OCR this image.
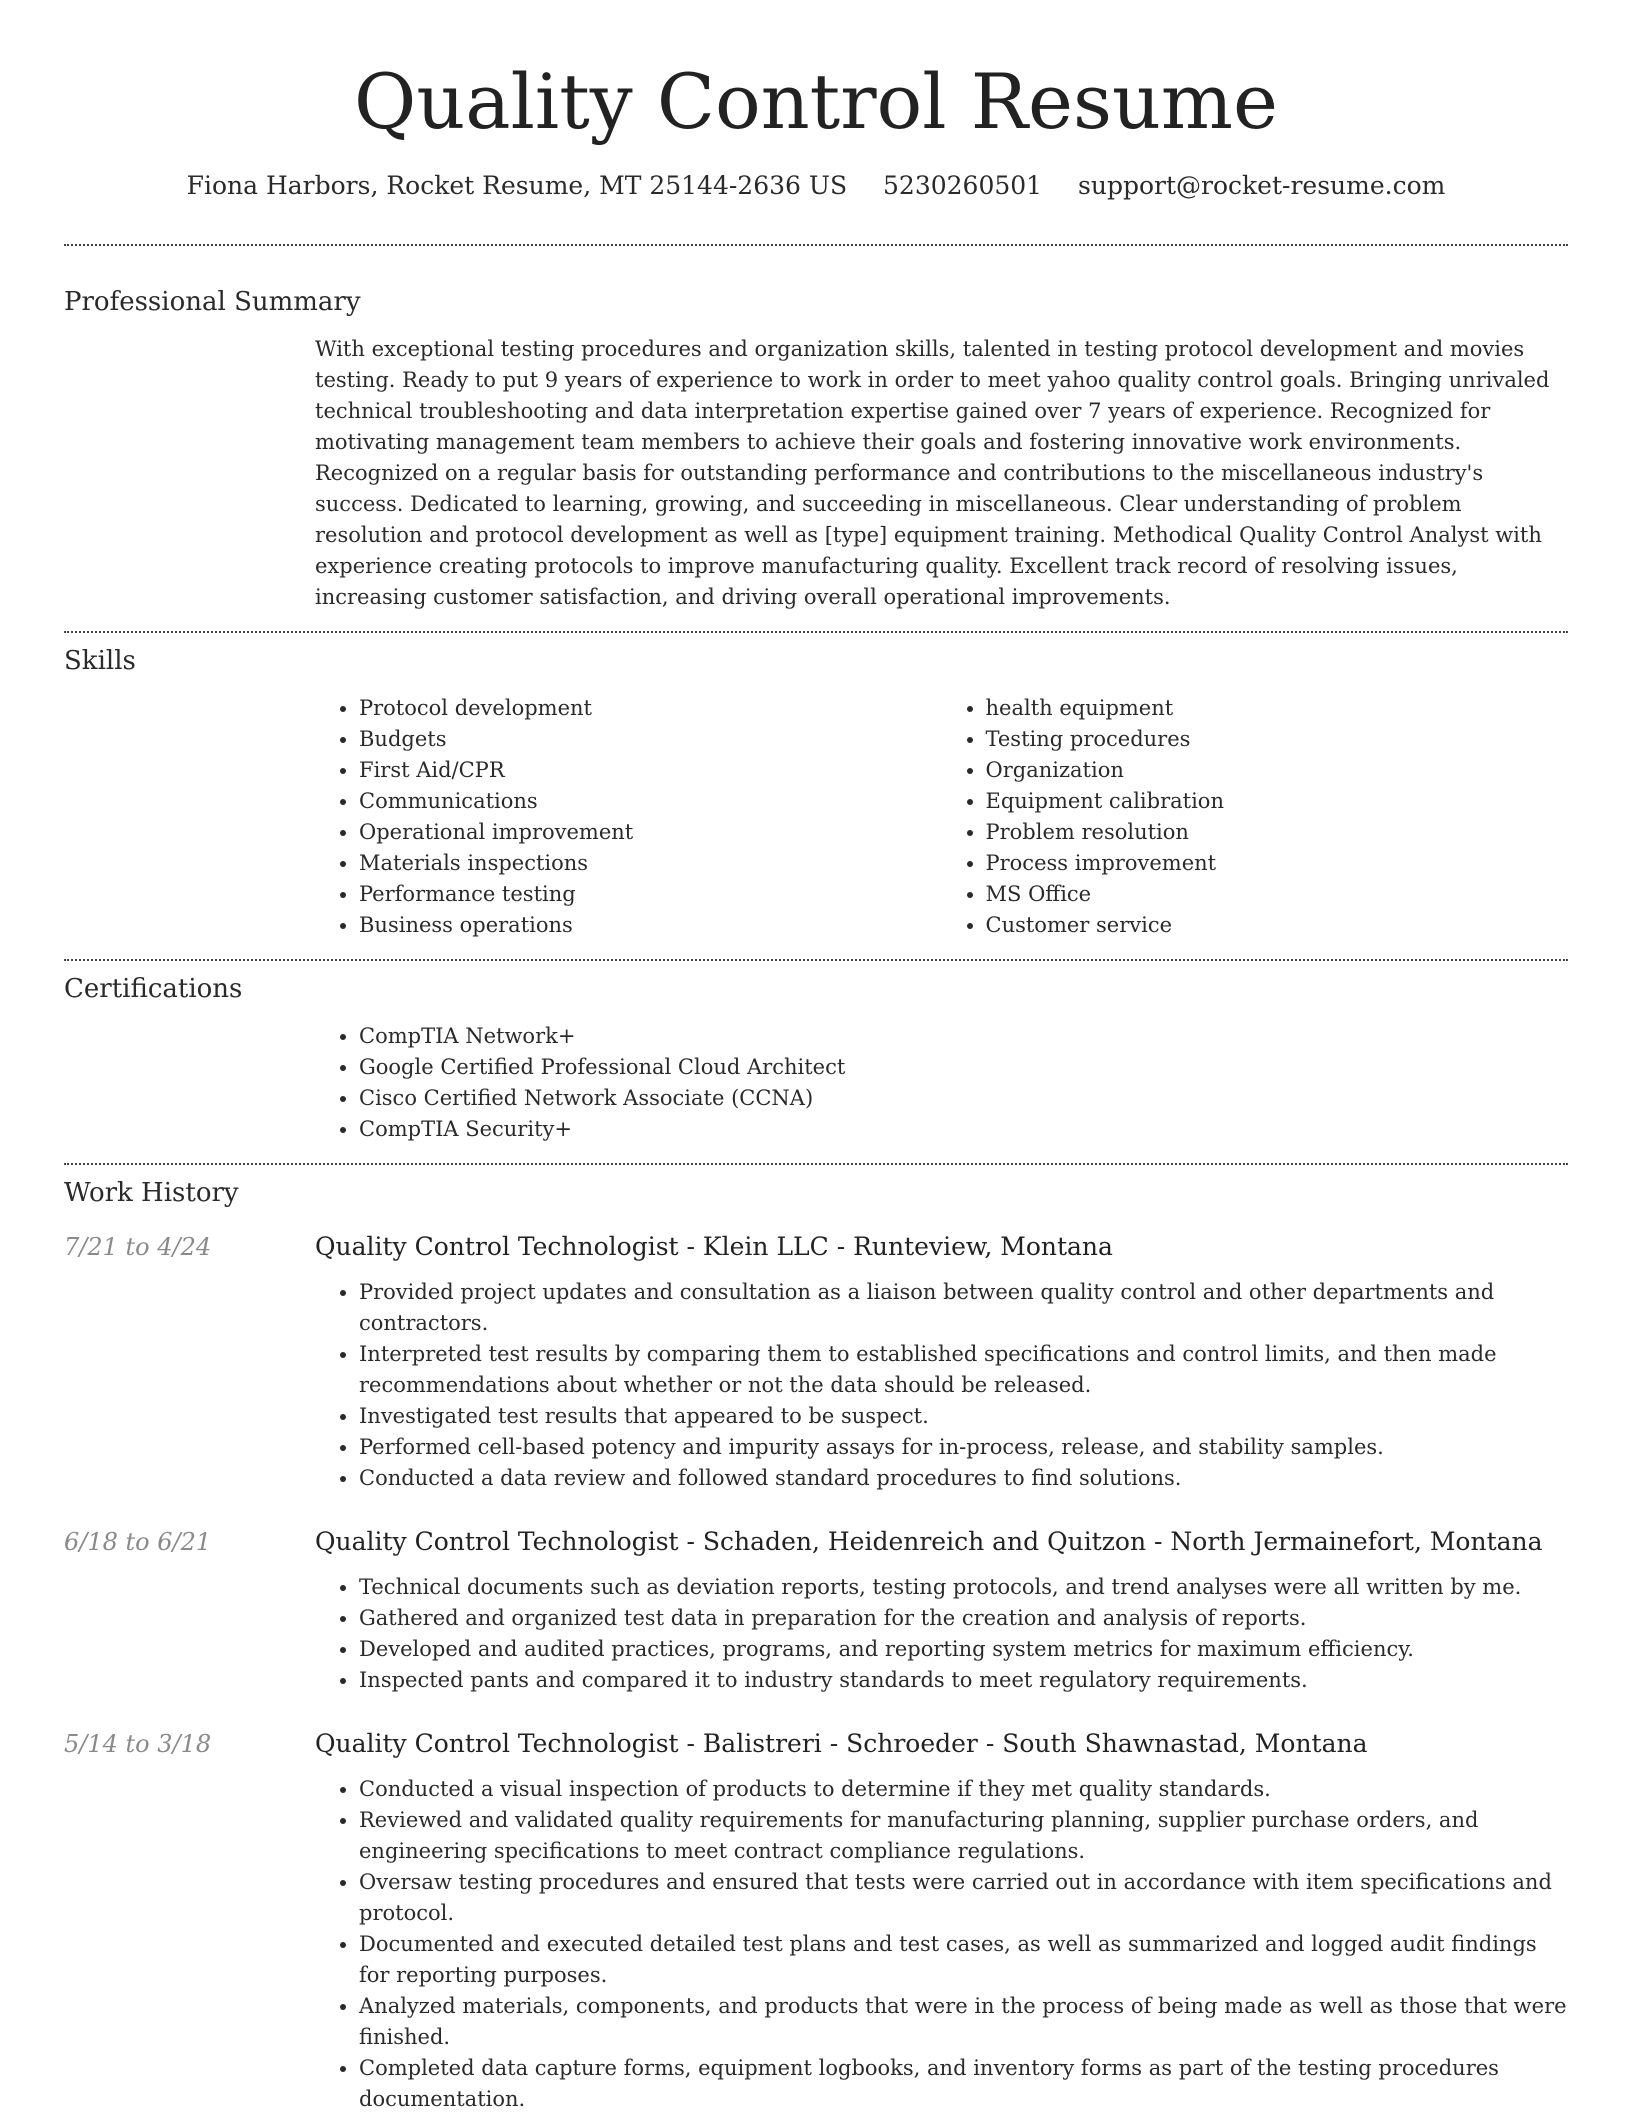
Quality Control Resume
Fiona Harbors, Rocket Resume, MT 25144-2636 US 5230260501 support@rocket-resume.com
Professional Summary
With exceptional testing procedures and organization skills, talented in testing protocol development and movies testing. Ready to put 9 years of experience to work in order to meet yahoo quality control goals. Bringing unrivaled technical troubleshooting and data interpretation expertise gained over 7 years of experience. Recognized for motivating management team members to achieve their goals and fostering innovative work environments. Recognized on a regular basis for outstanding performance and contributions to the miscellaneous industry's success. Dedicated to learning, growing, and succeeding in miscellaneous. Clear understanding of problem resolution and protocol development as well as [type] equipment training. Methodical Quality Control Analyst with experience creating protocols to improve manufacturing quality. Excellent track record of resolving issues, increasing customer satisfaction, and driving overall operational improvements.
Skills
• Protocol development
• Budgets
• First Aid/CPR
• Communications
• Operational improvement
• Materials inspections
• Performance testing
• Business operations
• health equipment
• Testing procedures
• Organization
• Equipment calibration
• Problem resolution
• Process improvement
• MS Office
• Customer service
Certifications
• CompTIA Network+
• Google Certified Professional Cloud Architect
• Cisco Certified Network Associate (CCNA)
• CompTIA Security+
Work History
7/21 to 4/24	Quality Control Technologist - Klein LLC - Runteview, Montana
• Provided project updates and consultation as a liaison between quality control and other departments and contractors.
• Interpreted test results by comparing them to established specifications and control limits, and then made recommendations about whether or not the data should be released.
• Investigated test results that appeared to be suspect.
• Performed cell-based potency and impurity assays for in-process, release, and stability samples.
• Conducted a data review and followed standard procedures to find solutions.
6/18 to 6/21	Quality Control Technologist - Schaden, Heidenreich and Quitzon - North Jermainefort, Montana
• Technical documents such as deviation reports, testing protocols, and trend analyses were all written by me.
• Gathered and organized test data in preparation for the creation and analysis of reports.
• Developed and audited practices, programs, and reporting system metrics for maximum efficiency.
• Inspected pants and compared it to industry standards to meet regulatory requirements.
5/14 to 3/18	Quality Control Technologist - Balistreri - Schroeder - South Shawnastad, Montana
• Conducted a visual inspection of products to determine if they met quality standards.
• Reviewed and validated quality requirements for manufacturing planning, supplier purchase orders, and engineering specifications to meet contract compliance regulations.
• Oversaw testing procedures and ensured that tests were carried out in accordance with item specifications and protocol.
• Documented and executed detailed test plans and test cases, as well as summarized and logged audit findings for reporting purposes.
• Analyzed materials, components, and products that were in the process of being made as well as those that were finished.
• Completed data capture forms, equipment logbooks, and inventory forms as part of the testing procedures documentation.
